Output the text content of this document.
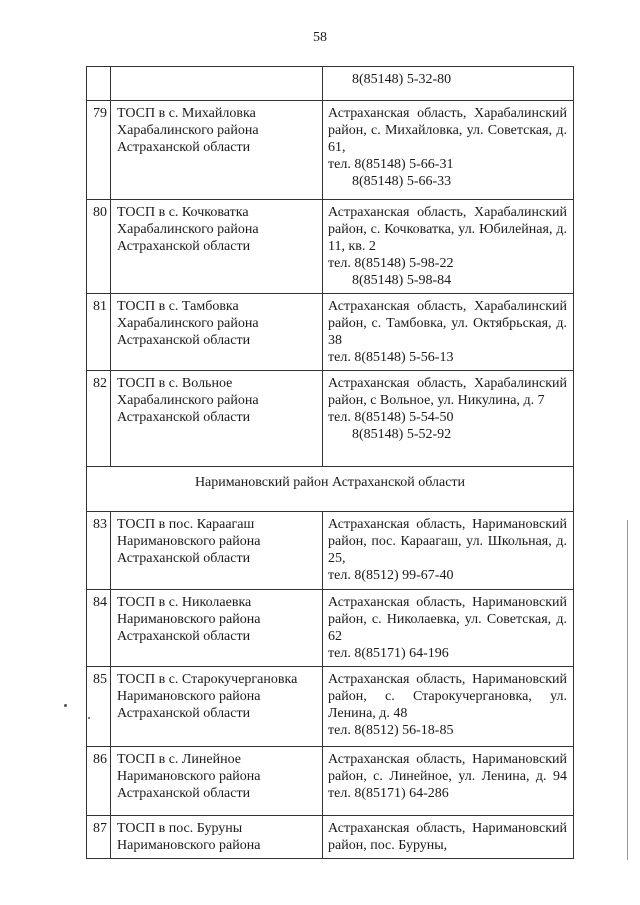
58
8(85148) 5-32-80
79 ТОСП в с. Михайловка
Харабалинского района
Астраханской области
Астраханская область, Харабалинский район, с. Михайловка, ул. Советская, д. 61,
тел. 8(85148) 5-66-31
8(85148) 5-66-33
80 ТОСП в с. Кочковатка
Харабалинского района
Астраханской области
Астраханская область, Харабалинский район, с. Кочковатка, ул. Юбилейная, д. 11, кв. 2
тел. 8(85148) 5-98-22
8(85148) 5-98-84
81 ТОСП в с. Тамбовка
Харабалинского района
Астраханской области
Астраханская область, Харабалинский район, с. Тамбовка, ул. Октябрьская, д. 38
тел. 8(85148) 5-56-13
82 ТОСП в с. Вольное
Харабалинского района
Астраханской области
Астраханская область, Харабалинский район, с Вольное, ул. Никулина, д. 7
тел. 8(85148) 5-54-50
8(85148) 5-52-92
Наримановский район Астраханской области
83 ТОСП в пос. Караагаш
Наримановского района
Астраханской области
Астраханская область, Наримановский район, пос. Караагаш, ул. Школьная, д. 25,
тел. 8(8512) 99-67-40
84 ТОСП в с. Николаевка
Наримановского района
Астраханской области
Астраханская область, Наримановский район, с. Николаевка, ул. Советская, д. 62
тел. 8(85171) 64-196
85 ТОСП в с. Старокучергановка
Наримановского района
Астраханской области
Астраханская область, Наримановский район, с. Старокучергановка, ул. Ленина, д. 48
тел. 8(8512) 56-18-85
86 ТОСП в с. Линейное
Наримановского района
Астраханской области
Астраханская область, Наримановский район, с. Линейное, ул. Ленина, д. 94 тел. 8(85171) 64-286
87 ТОСП в пос. Буруны
Наримановского района
Астраханская область, Наримановский район, пос. Буруны,
